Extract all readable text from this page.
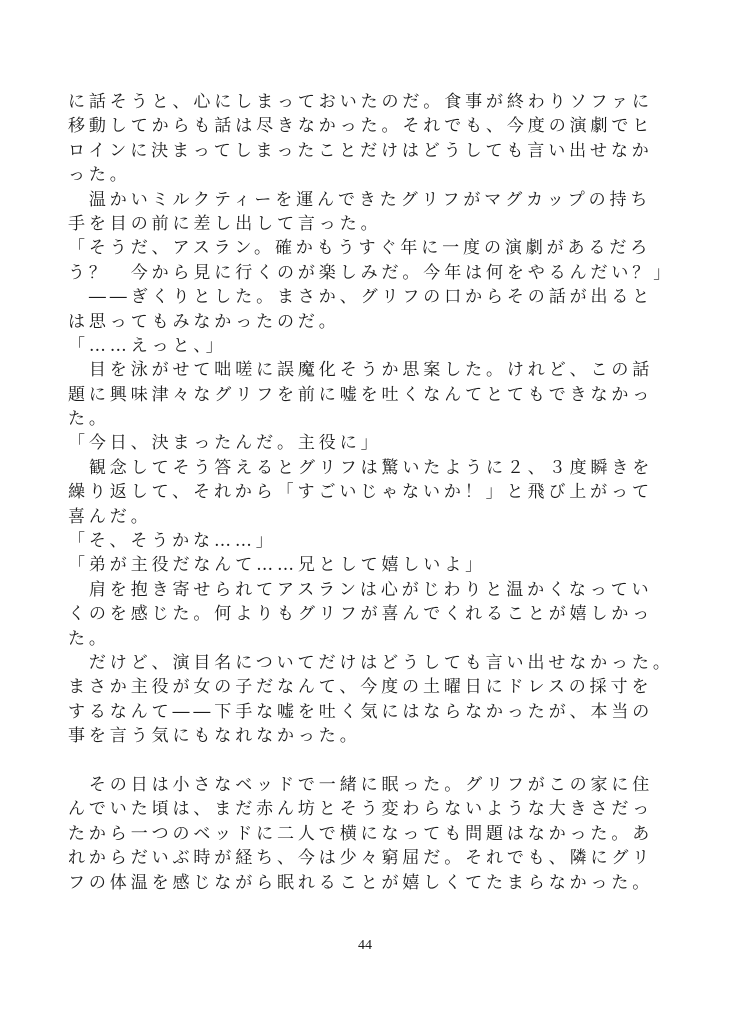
に話そうと、心にしまっておいたのだ。食事が終わりソファに
移動してからも話は尽きなかった。それでも、今度の演劇でヒ
ロインに決まってしまったことだけはどうしても言い出せなか
った。
　温かいミルクティーを運んできたグリフがマグカップの持ち
手を目の前に差し出して言った。
「そうだ、アスラン。確かもうすぐ年に一度の演劇があるだろ
う？　今から見に行くのが楽しみだ。今年は何をやるんだい？」
　――ぎくりとした。まさか、グリフの口からその話が出ると
は思ってもみなかったのだ。
「……えっと、」
　目を泳がせて咄嗟に誤魔化そうか思案した。けれど、この話
題に興味津々なグリフを前に嘘を吐くなんてとてもできなかっ
た。
「今日、決まったんだ。主役に」
　観念してそう答えるとグリフは驚いたように２、３度瞬きを
繰り返して、それから「すごいじゃないか！」と飛び上がって
喜んだ。
「そ、そうかな……」
「弟が主役だなんて……兄として嬉しいよ」
　肩を抱き寄せられてアスランは心がじわりと温かくなってい
くのを感じた。何よりもグリフが喜んでくれることが嬉しかっ
た。
　だけど、演目名についてだけはどうしても言い出せなかった。
まさか主役が女の子だなんて、今度の土曜日にドレスの採寸を
するなんて――下手な嘘を吐く気にはならなかったが、本当の
事を言う気にもなれなかった。
　その日は小さなベッドで一緒に眠った。グリフがこの家に住
んでいた頃は、まだ赤ん坊とそう変わらないような大きさだっ
たから一つのベッドに二人で横になっても問題はなかった。あ
れからだいぶ時が経ち、今は少々窮屈だ。それでも、隣にグリ
フの体温を感じながら眠れることが嬉しくてたまらなかった。
44
